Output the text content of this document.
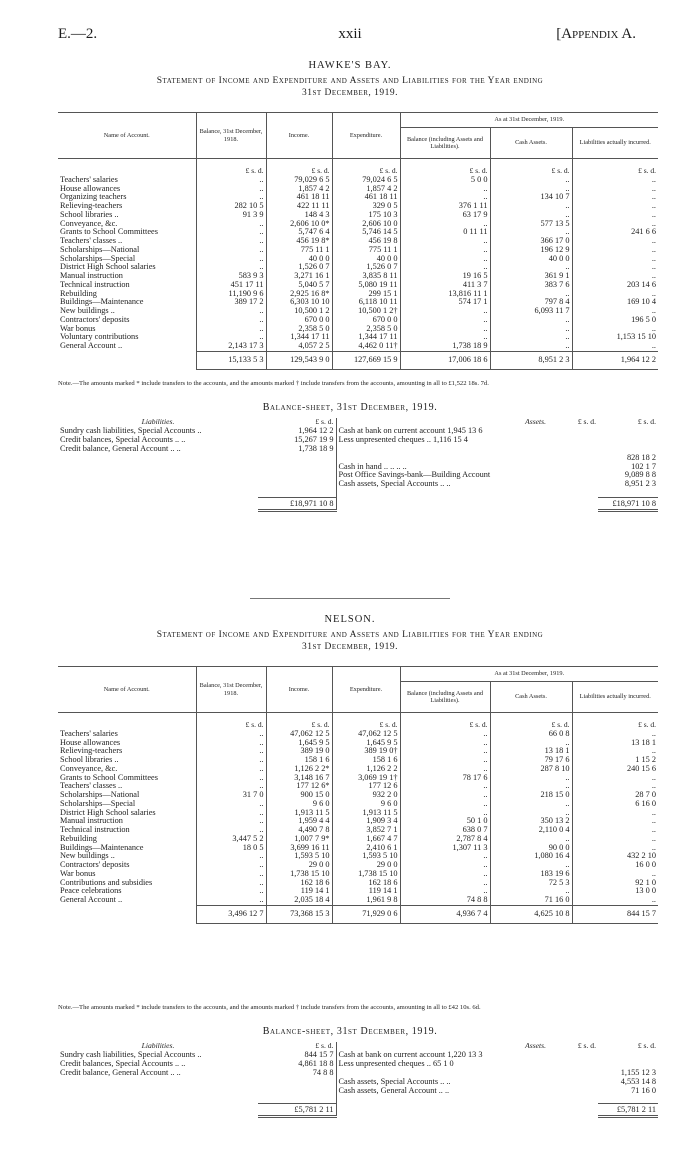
E.—2.	xxii	[Appendix A.
HAWKE'S BAY.
Statement of Income and Expenditure and Assets and Liabilities for the Year ending
31st December, 1919.
Name of Account.	Balance, 31st December, 1918.	Income.	Expenditure.	As at 31st December, 1919.		
				Balance (including Assets and Liabilities).	Cash Assets.	Liabilities actually incurred.
	£ s. d.	£ s. d.	£ s. d.	£ s. d.	£ s. d.	£ s. d.
Teachers' salaries	..	79,029 6 5	79,024 6 5	5 0 0	..	..
House allowances	..	1,857 4 2	1,857 4 2	..	..	..
Organizing teachers	..	461 18 11	461 18 11	..	134 10 7	..
Relieving-teachers	282 10 5	422 11 11	329 0 5	376 1 11	..	..
School libraries ..	91 3 9	148 4 3	175 10 3	63 17 9	..	..
Conveyance, &c.	..	2,606 10 0*	2,606 10 0	..	577 13 5	..
Grants to School Committees	..	5,747 6 4	5,746 14 5	0 11 11	..	241 6 6
Teachers' classes ..	..	456 19 8*	456 19 8	..	366 17 0	..
Scholarships—National	..	775 11 1	775 11 1	..	196 12 9	..
Scholarships—Special	..	40 0 0	40 0 0	..	40 0 0	..
District High School salaries	..	1,526 0 7	1,526 0 7	..	..	..
Manual instruction	583 9 3	3,271 16 1	3,835 8 11	19 16 5	361 9 1	..
Technical instruction	451 17 11	5,040 5 7	5,080 19 11	411 3 7	383 7 6	203 14 6
Rebuilding	11,190 9 6	2,925 16 8*	299 15 1	13,816 11 1	..	..
Buildings—Maintenance	389 17 2	6,303 10 10	6,118 10 11	574 17 1	797 8 4	169 10 4
New buildings ..	..	10,500 1 2	10,500 1 2†	..	6,093 11 7	..
Contractors' deposits	..	670 0 0	670 0 0	..	..	196 5 0
War bonus	..	2,358 5 0	2,358 5 0	..	..	..
Voluntary contributions	..	1,344 17 11	1,344 17 11	..	..	1,153 15 10
General Account ..	2,143 17 3	4,057 2 5	4,462 0 11†	1,738 18 9	..	..
	15,133 5 3	129,543 9 0	127,669 15 9	17,006 18 6	8,951 2 3	1,964 12 2
Note.—The amounts marked * include transfers to the accounts, and the amounts marked † include transfers from the accounts, amounting in all to £1,522 18s. 7d.
Balance-sheet, 31st December, 1919.
Liabilities.	£ s. d.	Assets.	£ s. d.	£ s. d.
Sundry cash liabilities, Special Accounts ..	1,964 12 2	Cash at bank on current account 1,945 13 6		
Credit balances, Special Accounts .. ..	15,267 19 9	Less unpresented cheques .. 1,116 15 4		
Credit balance, General Account .. ..	1,738 18 9			
				828 18 2
		Cash in hand .. .. .. ..		102 1 7
		Post Office Savings-bank—Building Account		9,089 8 8
		Cash assets, Special Accounts .. ..		8,951 2 3

	£18,971 10 8			£18,971 10 8
NELSON.
Statement of Income and Expenditure and Assets and Liabilities for the Year ending
31st December, 1919.
Name of Account.	Balance, 31st December, 1918.	Income.	Expenditure.	As at 31st December, 1919.		
				Balance (including Assets and Liabilities).	Cash Assets.	Liabilities actually incurred.
	£ s. d.	£ s. d.	£ s. d.	£ s. d.	£ s. d.	£ s. d.
Teachers' salaries	..	47,062 12 5	47,062 12 5	..	66 0 8	..
House allowances	..	1,645 9 5	1,645 9 5	..	..	13 18 1
Relieving-teachers	..	389 19 0	389 19 0†	..	13 18 1	..
School libraries ..	..	158 1 6	158 1 6	..	79 17 6	1 15 2
Conveyance, &c.	..	1,126 2 2*	1,126 2 2	..	287 8 10	240 15 6
Grants to School Committees	..	3,148 16 7	3,069 19 1†	78 17 6	..	..
Teachers' classes ..	..	177 12 6*	177 12 6	..	..	..
Scholarships—National	31 7 0	900 15 0	932 2 0	..	218 15 0	28 7 0
Scholarships—Special	..	9 6 0	9 6 0	..	..	6 16 0
District High School salaries	..	1,913 11 5	1,913 11 5	..	..	..
Manual instruction	..	1,959 4 4	1,909 3 4	50 1 0	350 13 2	..
Technical instruction	..	4,490 7 8	3,852 7 1	638 0 7	2,110 0 4	..
Rebuilding	3,447 5 2	1,007 7 9*	1,667 4 7	2,787 8 4	..	..
Buildings—Maintenance	18 0 5	3,699 16 11	2,410 6 1	1,307 11 3	90 0 0	..
New buildings ..	..	1,593 5 10	1,593 5 10	..	1,080 16 4	432 2 10
Contractors' deposits	..	29 0 0	29 0 0	..	..	16 0 0
War bonus	..	1,738 15 10	1,738 15 10	..	183 19 6	..
Contributions and subsidies	..	162 18 6	162 18 6	..	72 5 3	92 1 0
Peace celebrations	..	119 14 1	119 14 1	..	..	13 0 0
General Account ..	..	2,035 18 4	1,961 9 8	74 8 8	71 16 0	..
	3,496 12 7	73,368 15 3	71,929 0 6	4,936 7 4	4,625 10 8	844 15 7
Note.—The amounts marked * include transfers to the accounts, and the amounts marked † include transfers from the accounts, amounting in all to £42 10s. 6d.
Balance-sheet, 31st December, 1919.
Liabilities.	£ s. d.	Assets.	£ s. d.	£ s. d.
Sundry cash liabilities, Special Accounts ..	844 15 7	Cash at bank on current account 1,220 13 3		
Credit balances, Special Accounts .. ..	4,861 18 8	Less unpresented cheques .. 65 1 0		
Credit balance, General Account .. ..	74 8 8			1,155 12 3
		Cash assets, Special Accounts .. ..		4,553 14 8
		Cash assets, General Account .. ..		71 16 0

	£5,781 2 11			£5,781 2 11
